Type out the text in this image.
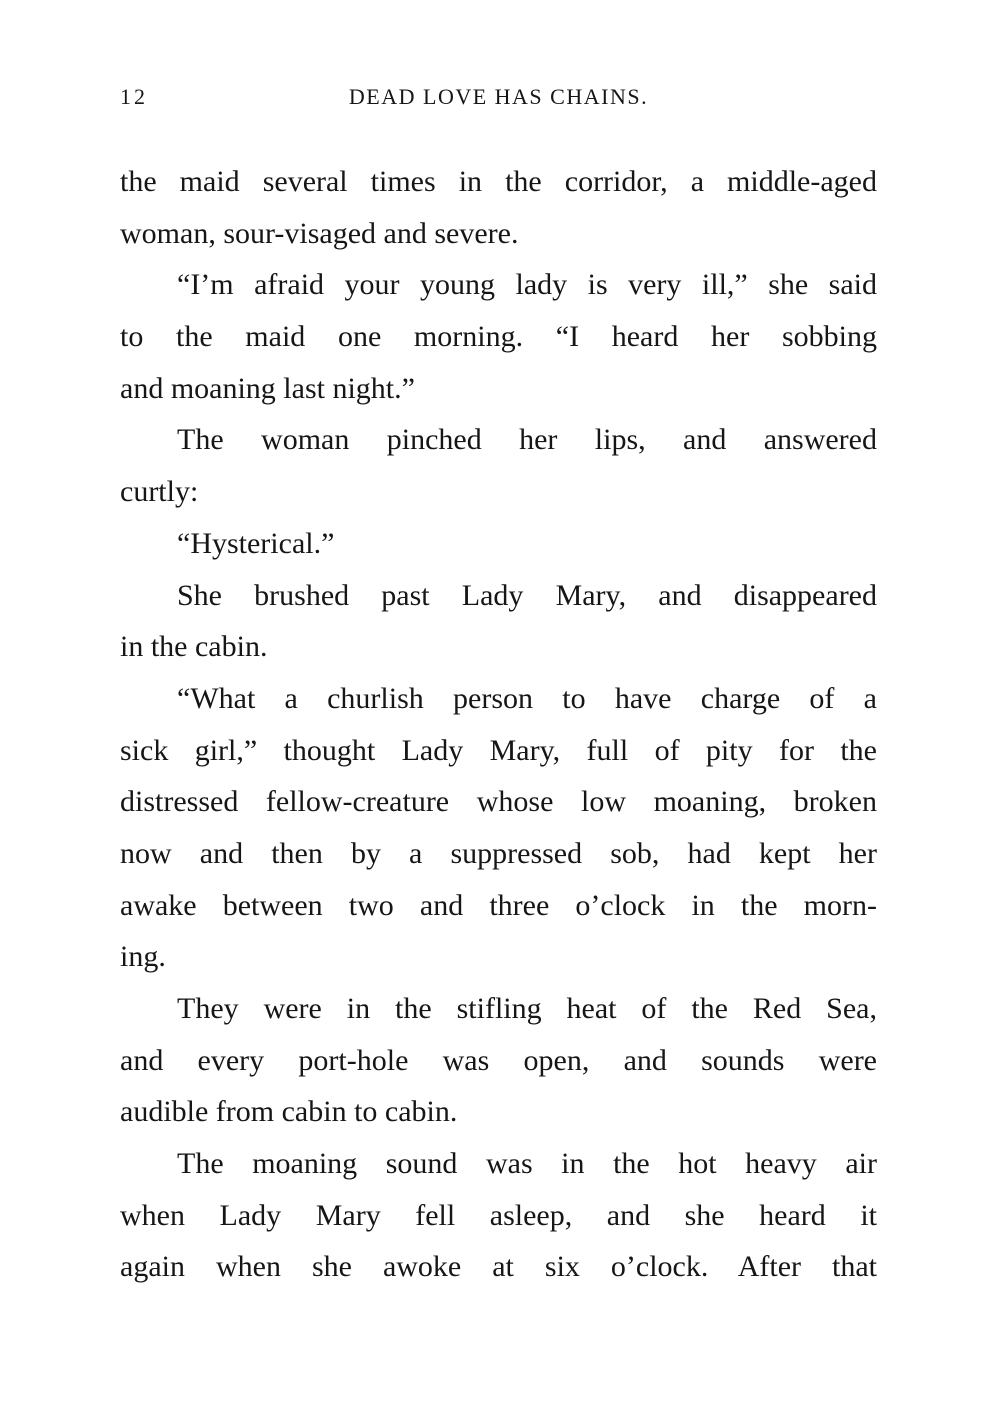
12	DEAD LOVE HAS CHAINS.
the maid several times in the corridor, a middle-aged
woman, sour-visaged and severe.
“I’m afraid your young lady is very ill,” she said
to the maid one morning. “I heard her sobbing
and moaning last night.”
The woman pinched her lips, and answered
curtly:
“Hysterical.”
She brushed past Lady Mary, and disappeared
in the cabin.
“What a churlish person to have charge of a
sick girl,” thought Lady Mary, full of pity for the
distressed fellow-creature whose low moaning, broken
now and then by a suppressed sob, had kept her
awake between two and three o’clock in the morn-
ing.
They were in the stifling heat of the Red Sea,
and every port-hole was open, and sounds were
audible from cabin to cabin.
The moaning sound was in the hot heavy air
when Lady Mary fell asleep, and she heard it
again when she awoke at six o’clock. After that
